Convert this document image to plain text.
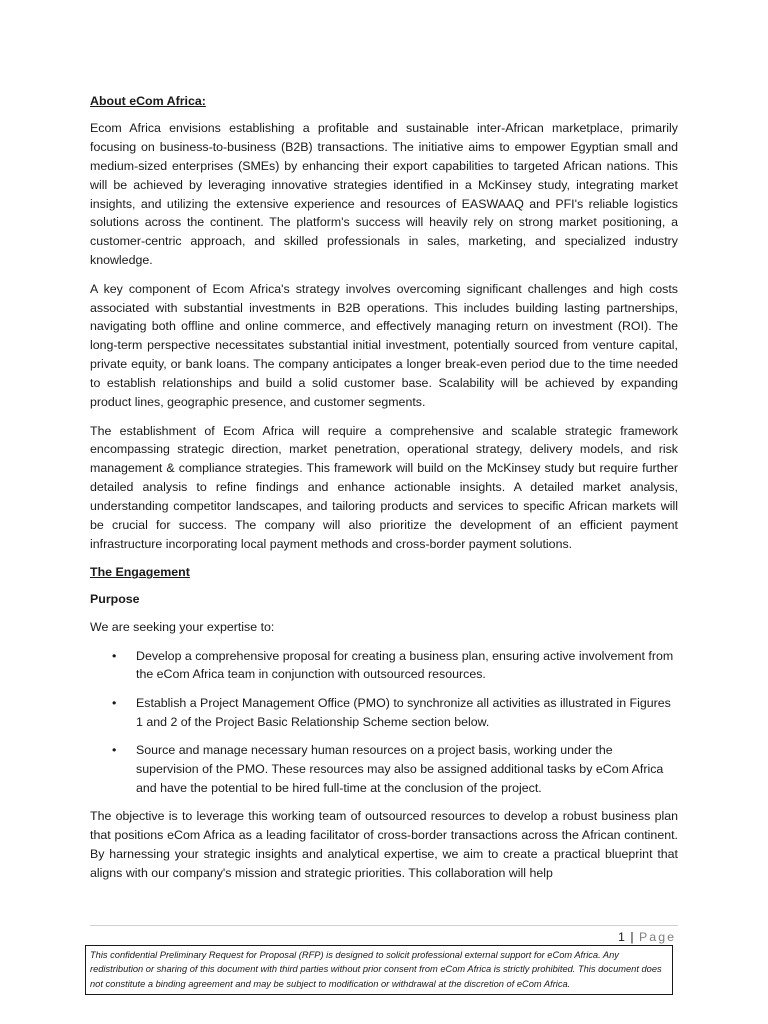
About eCom Africa:

Ecom Africa envisions establishing a profitable and sustainable inter-African marketplace, primarily focusing on business-to-business (B2B) transactions. The initiative aims to empower Egyptian small and medium-sized enterprises (SMEs) by enhancing their export capabilities to targeted African nations. This will be achieved by leveraging innovative strategies identified in a McKinsey study, integrating market insights, and utilizing the extensive experience and resources of EASWAAQ and PFI's reliable logistics solutions across the continent. The platform's success will heavily rely on strong market positioning, a customer-centric approach, and skilled professionals in sales, marketing, and specialized industry knowledge.

A key component of Ecom Africa's strategy involves overcoming significant challenges and high costs associated with substantial investments in B2B operations. This includes building lasting partnerships, navigating both offline and online commerce, and effectively managing return on investment (ROI). The long-term perspective necessitates substantial initial investment, potentially sourced from venture capital, private equity, or bank loans. The company anticipates a longer break-even period due to the time needed to establish relationships and build a solid customer base. Scalability will be achieved by expanding product lines, geographic presence, and customer segments.

The establishment of Ecom Africa will require a comprehensive and scalable strategic framework encompassing strategic direction, market penetration, operational strategy, delivery models, and risk management & compliance strategies. This framework will build on the McKinsey study but require further detailed analysis to refine findings and enhance actionable insights. A detailed market analysis, understanding competitor landscapes, and tailoring products and services to specific African markets will be crucial for success. The company will also prioritize the development of an efficient payment infrastructure incorporating local payment methods and cross-border payment solutions.

The Engagement
Purpose

We are seeking your expertise to:

• Develop a comprehensive proposal for creating a business plan, ensuring active involvement from the eCom Africa team in conjunction with outsourced resources.
• Establish a Project Management Office (PMO) to synchronize all activities as illustrated in Figures 1 and 2 of the Project Basic Relationship Scheme section below.
• Source and manage necessary human resources on a project basis, working under the supervision of the PMO. These resources may also be assigned additional tasks by eCom Africa and have the potential to be hired full-time at the conclusion of the project.

The objective is to leverage this working team of outsourced resources to develop a robust business plan that positions eCom Africa as a leading facilitator of cross-border transactions across the African continent. By harnessing your strategic insights and analytical expertise, we aim to create a practical blueprint that aligns with our company's mission and strategic priorities. This collaboration will help

1 | Page
This confidential Preliminary Request for Proposal (RFP) is designed to solicit professional external support for eCom Africa. Any redistribution or sharing of this document with third parties without prior consent from eCom Africa is strictly prohibited. This document does not constitute a binding agreement and may be subject to modification or withdrawal at the discretion of eCom Africa.
